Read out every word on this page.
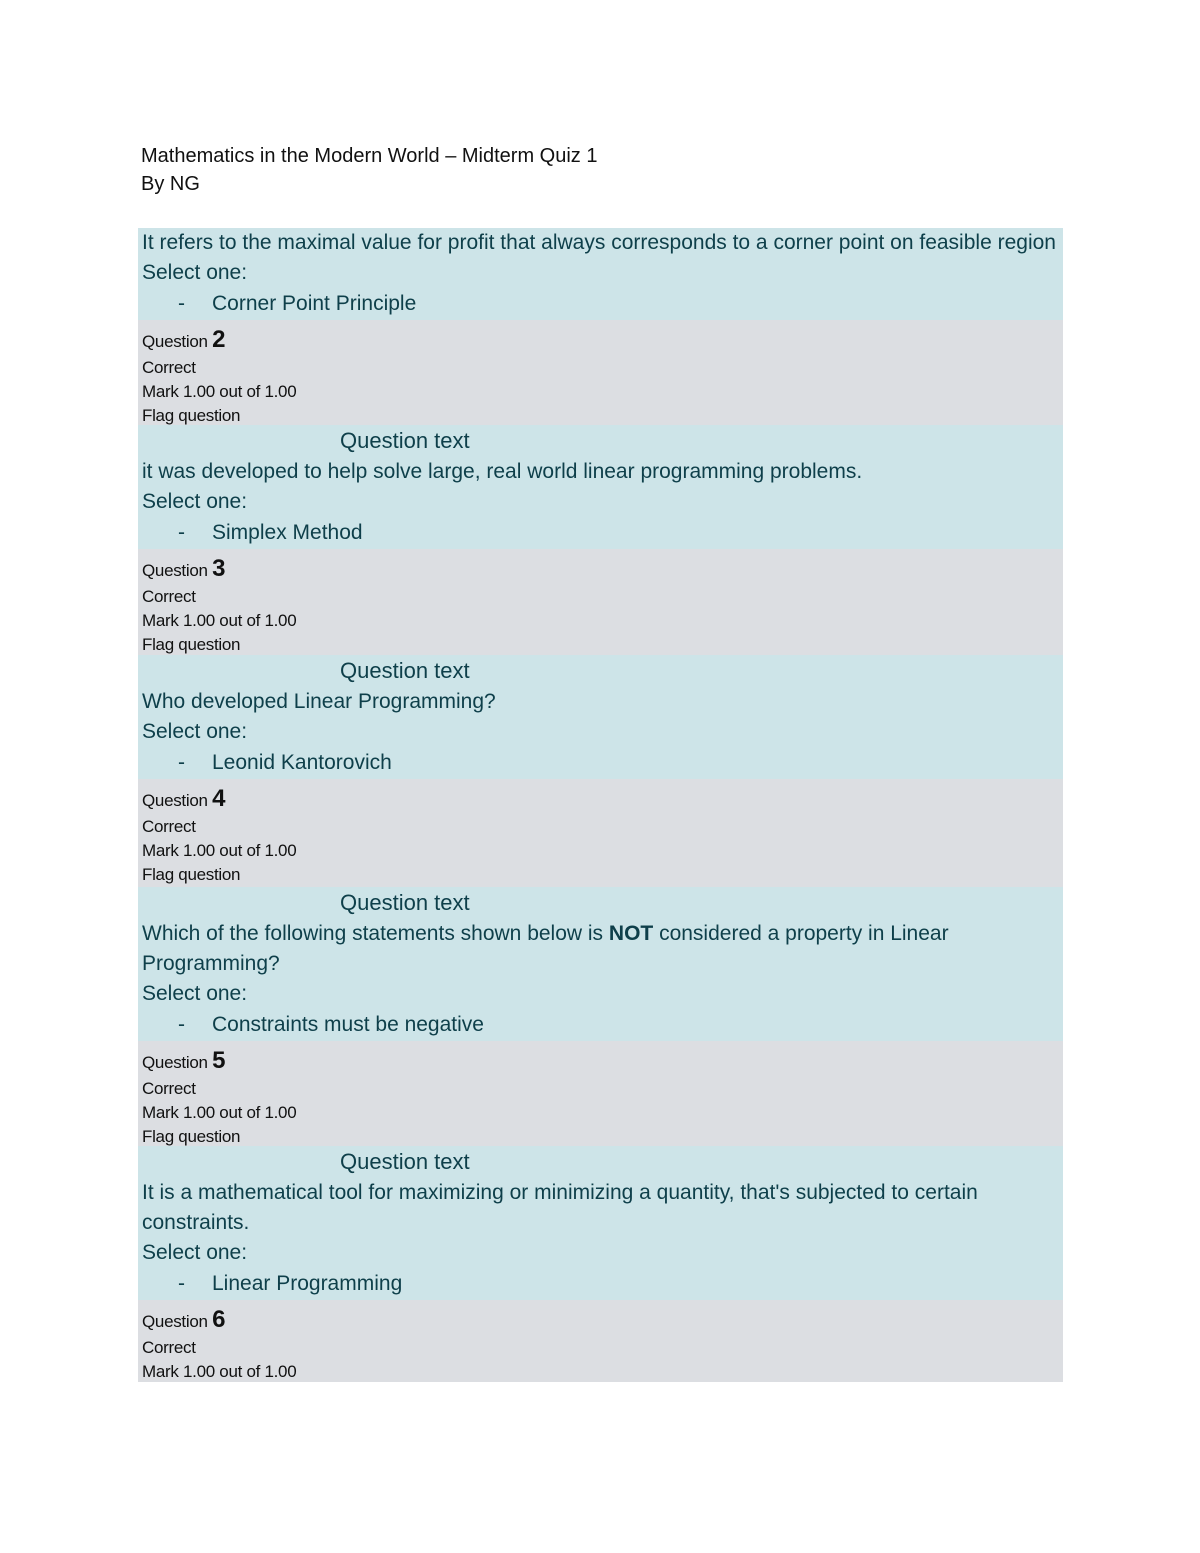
Mathematics in the Modern World – Midterm Quiz 1
By NG
It refers to the maximal value for profit that always corresponds to a corner point on feasible region
Select one:
-	Corner Point Principle
Question 2
Correct
Mark 1.00 out of 1.00
Flag question
Question text
it was developed to help solve large, real world linear programming problems.
Select one:
-	Simplex Method
Question 3
Correct
Mark 1.00 out of 1.00
Flag question
Question text
Who developed Linear Programming?
Select one:
-	Leonid Kantorovich
Question 4
Correct
Mark 1.00 out of 1.00
Flag question
Question text
Which of the following statements shown below is NOT considered a property in Linear Programming?
Select one:
-	Constraints must be negative
Question 5
Correct
Mark 1.00 out of 1.00
Flag question
Question text
It is a mathematical tool for maximizing or minimizing a quantity, that's subjected to certain constraints.
Select one:
-	Linear Programming
Question 6
Correct
Mark 1.00 out of 1.00
